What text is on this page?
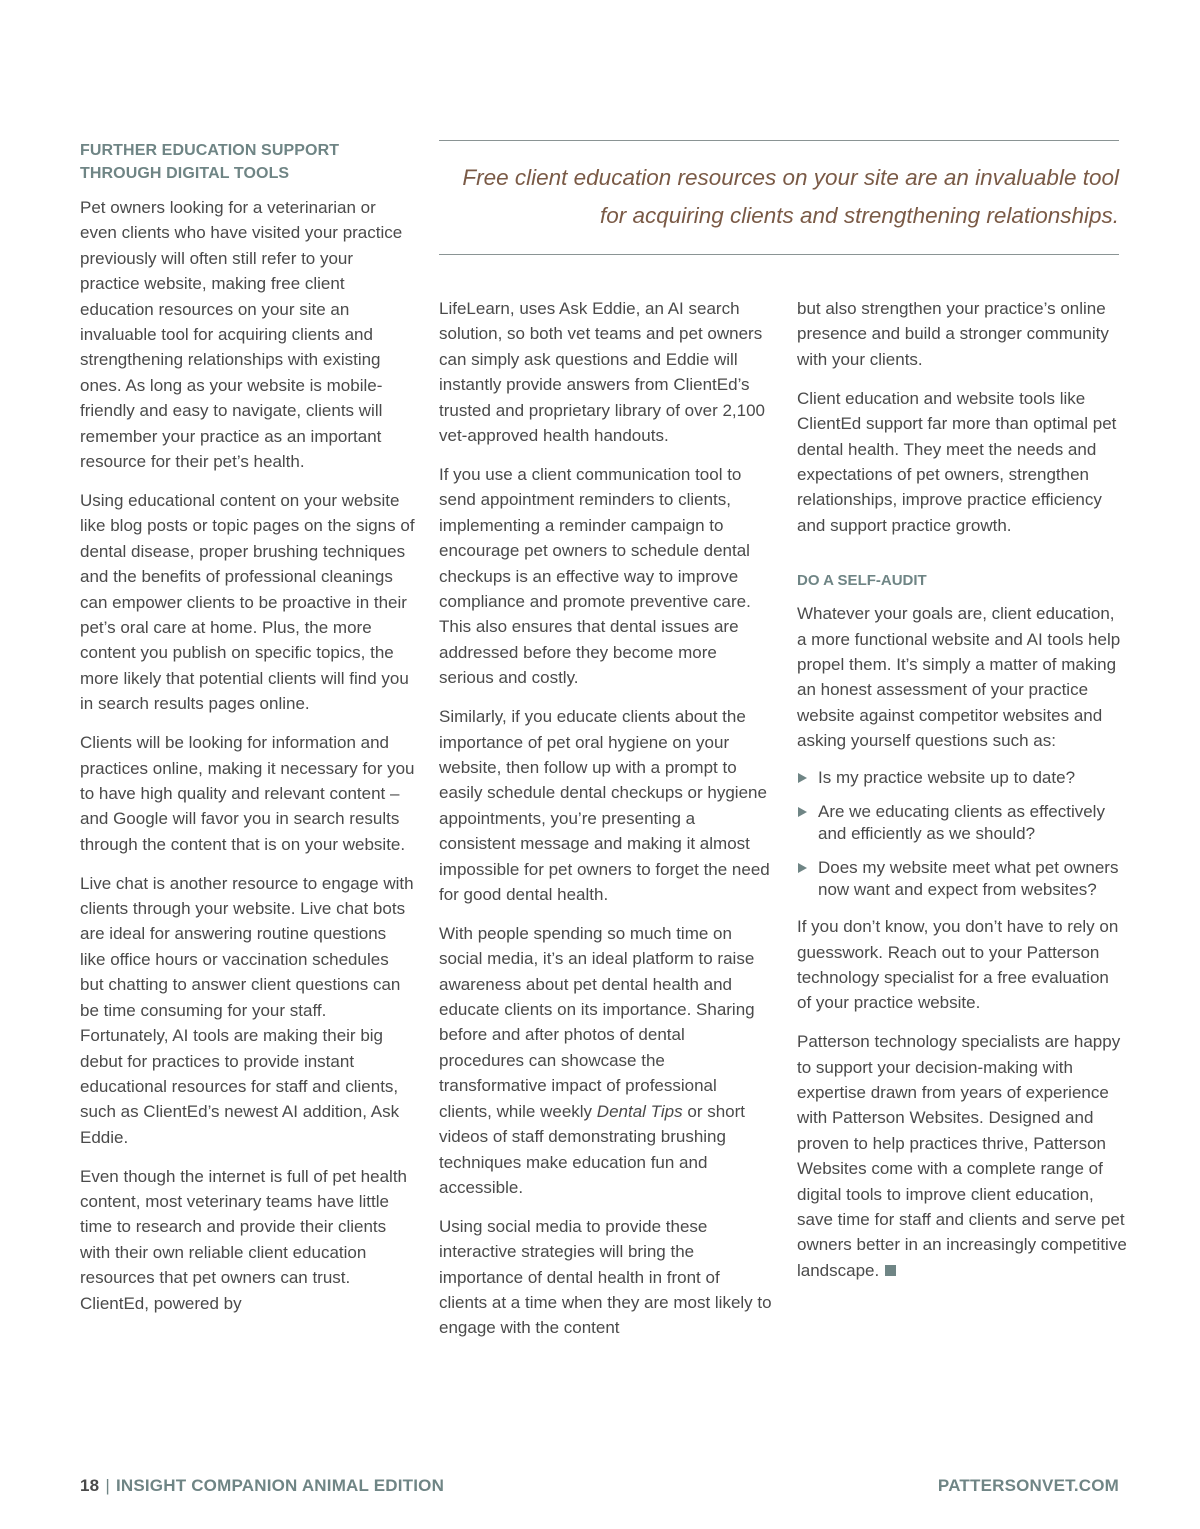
FURTHER EDUCATION SUPPORT THROUGH DIGITAL TOOLS	Free client education resources on your site are an invaluable tool for acquiring clients and strengthening relationships.

Pet owners looking for a veterinarian or even clients who have visited your practice previously will often still refer to your practice website, making free client education resources on your site an invaluable tool for acquiring clients and strengthening relationships with existing ones. As long as your website is mobile-friendly and easy to navigate, clients will remember your practice as an important resource for their pet’s health.

Using educational content on your website like blog posts or topic pages on the signs of dental disease, proper brushing techniques and the benefits of professional cleanings can empower clients to be proactive in their pet’s oral care at home. Plus, the more content you publish on specific topics, the more likely that potential clients will find you in search results pages online.

Clients will be looking for information and practices online, making it necessary for you to have high quality and relevant content – and Google will favor you in search results through the content that is on your website.

Live chat is another resource to engage with clients through your website. Live chat bots are ideal for answering routine questions like office hours or vaccination schedules but chatting to answer client questions can be time consuming for your staff. Fortunately, AI tools are making their big debut for practices to provide instant educational resources for staff and clients, such as ClientEd’s newest AI addition, Ask Eddie.

Even though the internet is full of pet health content, most veterinary teams have little time to research and provide their clients with their own reliable client education resources that pet owners can trust. ClientEd, powered by

LifeLearn, uses Ask Eddie, an AI search solution, so both vet teams and pet owners can simply ask questions and Eddie will instantly provide answers from ClientEd’s trusted and proprietary library of over 2,100 vet-approved health handouts.

If you use a client communication tool to send appointment reminders to clients, implementing a reminder campaign to encourage pet owners to schedule dental checkups is an effective way to improve compliance and promote preventive care. This also ensures that dental issues are addressed before they become more serious and costly.

Similarly, if you educate clients about the importance of pet oral hygiene on your website, then follow up with a prompt to easily schedule dental checkups or hygiene appointments, you’re presenting a consistent message and making it almost impossible for pet owners to forget the need for good dental health.

With people spending so much time on social media, it’s an ideal platform to raise awareness about pet dental health and educate clients on its importance. Sharing before and after photos of dental procedures can showcase the transformative impact of professional clients, while weekly Dental Tips or short videos of staff demonstrating brushing techniques make education fun and accessible.

Using social media to provide these interactive strategies will bring the importance of dental health in front of clients at a time when they are most likely to engage with the content

but also strengthen your practice’s online presence and build a stronger community with your clients.

Client education and website tools like ClientEd support far more than optimal pet dental health. They meet the needs and expectations of pet owners, strengthen relationships, improve practice efficiency and support practice growth.

DO A SELF-AUDIT

Whatever your goals are, client education, a more functional website and AI tools help propel them. It’s simply a matter of making an honest assessment of your practice website against competitor websites and asking yourself questions such as:

Is my practice website up to date?
Are we educating clients as effectively and efficiently as we should?
Does my website meet what pet owners now want and expect from websites?

If you don’t know, you don’t have to rely on guesswork. Reach out to your Patterson technology specialist for a free evaluation of your practice website.

Patterson technology specialists are happy to support your decision-making with expertise drawn from years of experience with Patterson Websites. Designed and proven to help practices thrive, Patterson Websites come with a complete range of digital tools to improve client education, save time for staff and clients and serve pet owners better in an increasingly competitive landscape.

18 | INSIGHT COMPANION ANIMAL EDITION	PATTERSONVET.COM
